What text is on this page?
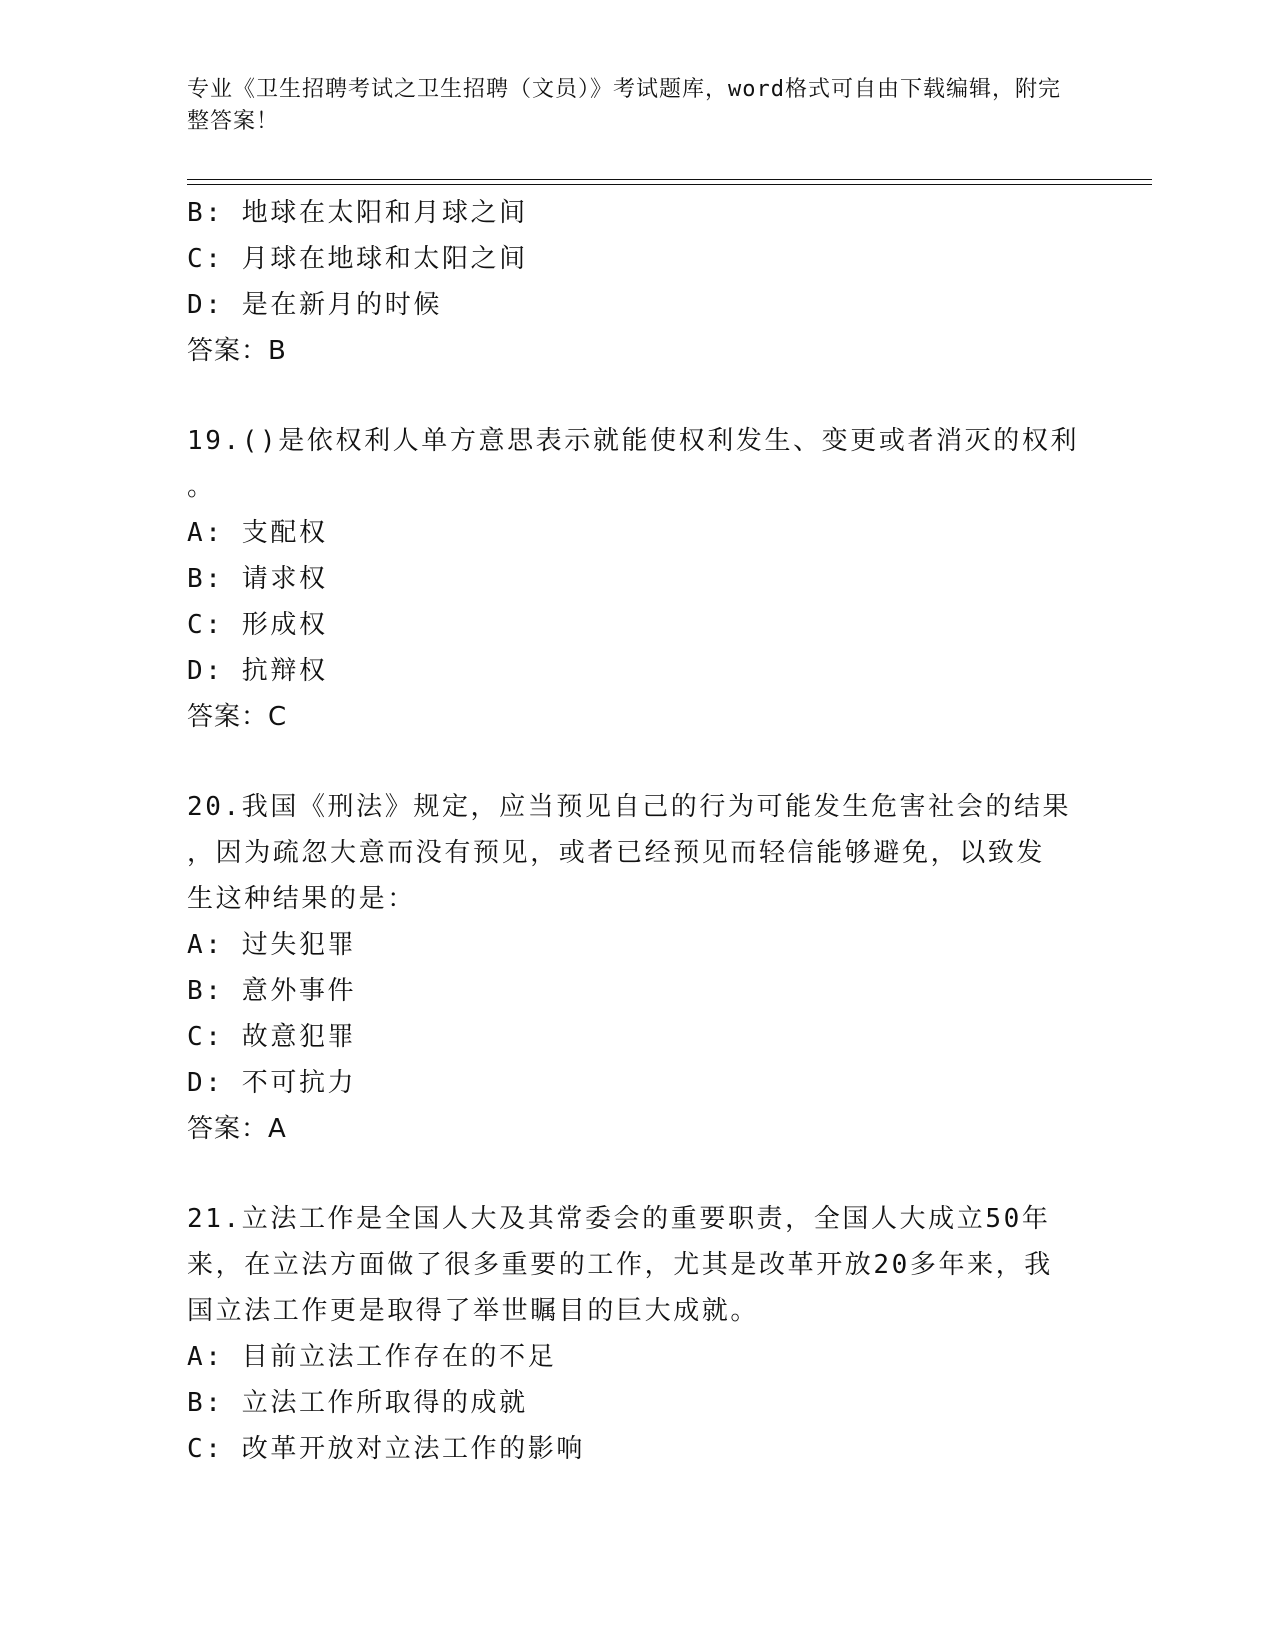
专业《卫生招聘考试之卫生招聘（文员）》考试题库，word格式可自由下载编辑，附完整答案！
B: 地球在太阳和月球之间
C: 月球在地球和太阳之间
D: 是在新月的时候
答案：B
19.()是依权利人单方意思表示就能使权利发生、变更或者消灭的权利
。
A: 支配权
B: 请求权
C: 形成权
D: 抗辩权
答案：C
20.我国《刑法》规定，应当预见自己的行为可能发生危害社会的结果
，因为疏忽大意而没有预见，或者已经预见而轻信能够避免，以致发
生这种结果的是：
A: 过失犯罪
B: 意外事件
C: 故意犯罪
D: 不可抗力
答案：A
21.立法工作是全国人大及其常委会的重要职责，全国人大成立50年
来，在立法方面做了很多重要的工作，尤其是改革开放20多年来，我
国立法工作更是取得了举世瞩目的巨大成就。
A: 目前立法工作存在的不足
B: 立法工作所取得的成就
C: 改革开放对立法工作的影响
